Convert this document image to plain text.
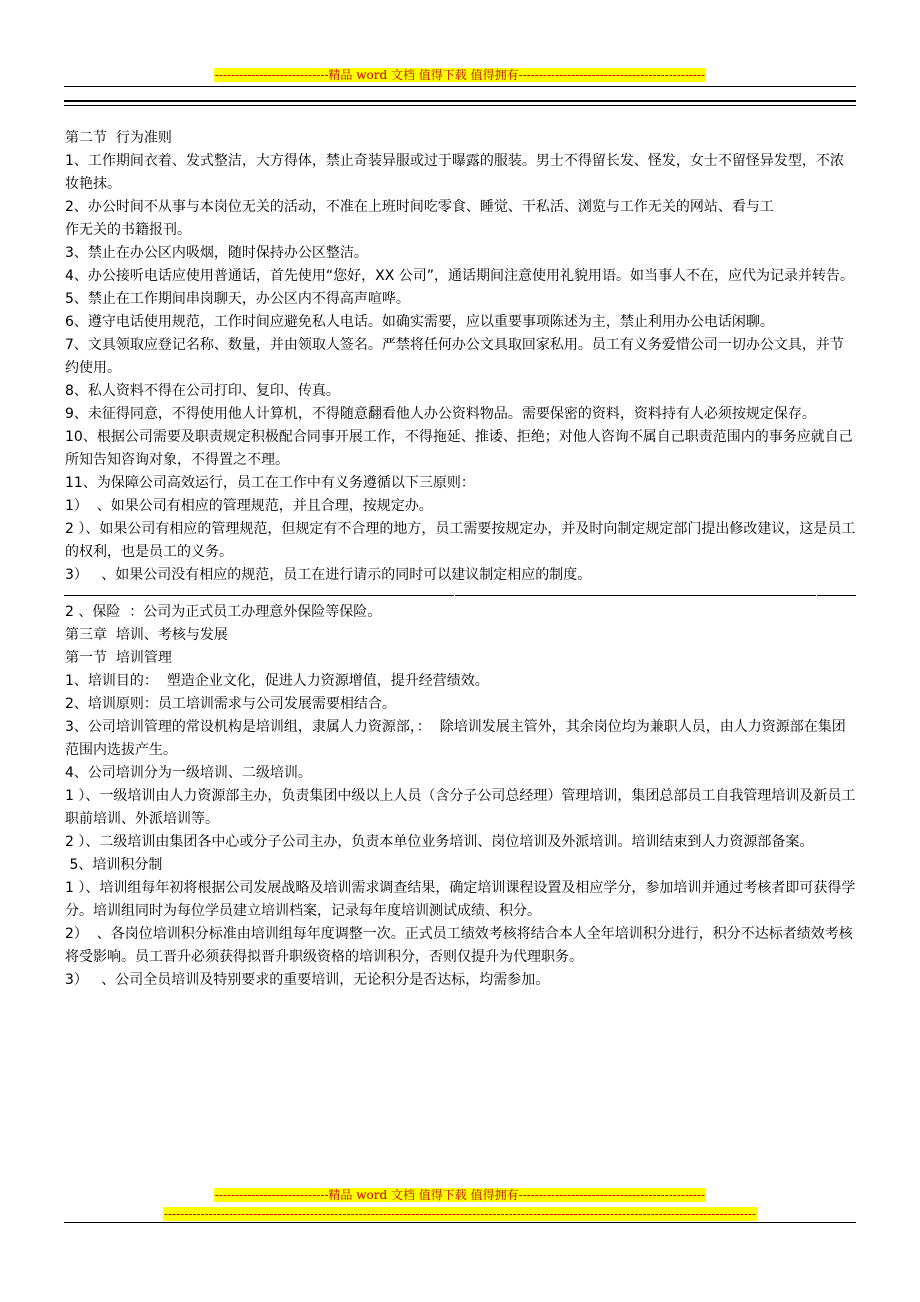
----------------------------精品 word 文档 值得下载 值得拥有----------------------------------------------

第二节  行为准则

1、工作期间衣着、发式整洁，大方得体，禁止奇装异服或过于曝露的服装。男士不得留长发、怪发，女士不留怪异发型，不浓妆艳抹。

2、办公时间不从事与本岗位无关的活动，不准在上班时间吃零食、睡觉、干私活、浏览与工作无关的网站、看与工

作无关的书籍报刊。

3、禁止在办公区内吸烟，随时保持办公区整洁。

4、办公接听电话应使用普通话，首先使用“您好，XX 公司”，通话期间注意使用礼貌用语。如当事人不在，应代为记录并转告。

5、禁止在工作期间串岗聊天，办公区内不得高声喧哗。

6、遵守电话使用规范，工作时间应避免私人电话。如确实需要，应以重要事项陈述为主，禁止利用办公电话闲聊。

7、文具领取应登记名称、数量，并由领取人签名。严禁将任何办公文具取回家私用。员工有义务爱惜公司一切办公文具，并节约使用。

8、私人资料不得在公司打印、复印、传真。

9、未征得同意，不得使用他人计算机，不得随意翻看他人办公资料物品。需要保密的资料，资料持有人必须按规定保存。

10、根据公司需要及职责规定积极配合同事开展工作，不得拖延、推诿、拒绝；对他人咨询不属自己职责范围内的事务应就自己所知告知咨询对象，不得置之不理。

11、为保障公司高效运行，员工在工作中有义务遵循以下三原则：

1）  、如果公司有相应的管理规范，并且合理，按规定办。

2 ）、如果公司有相应的管理规范，但规定有不合理的地方，员工需要按规定办，并及时向制定规定部门提出修改建议，这是员工的权利，也是员工的义务。

3）   、如果公司没有相应的规范，员工在进行请示的同时可以建议制定相应的制度。

2 、保险  ：公司为正式员工办理意外保险等保险。

第三章  培训、考核与发展

第一节  培训管理

1、培训目的：  塑造企业文化，促进人力资源增值，提升经营绩效。

2、培训原则：员工培训需求与公司发展需要相结合。

3、公司培训管理的常设机构是培训组，隶属人力资源部，：  除培训发展主管外，其余岗位均为兼职人员，由人力资源部在集团范围内选拔产生。

4、公司培训分为一级培训、二级培训。

1 ）、一级培训由人力资源部主办，负责集团中级以上人员（含分子公司总经理）管理培训，集团总部员工自我管理培训及新员工职前培训、外派培训等。

2 ）、二级培训由集团各中心或分子公司主办，负责本单位业务培训、岗位培训及外派培训。培训结束到人力资源部备案。

5、培训积分制

1 ）、培训组每年初将根据公司发展战略及培训需求调查结果，确定培训课程设置及相应学分，参加培训并通过考核者即可获得学分。培训组同时为每位学员建立培训档案，记录每年度培训测试成绩、积分。

2）  、各岗位培训积分标准由培训组每年度调整一次。正式员工绩效考核将结合本人全年培训积分进行，积分不达标者绩效考核将受影响。员工晋升必须获得拟晋升职级资格的培训积分，否则仅提升为代理职务。

3）   、公司全员培训及特别要求的重要培训，无论积分是否达标，均需参加。

----------------------------精品 word 文档 值得下载 值得拥有----------------------------------------------
--------------------------------------------------------------------------------------------------------------------------------------------------
